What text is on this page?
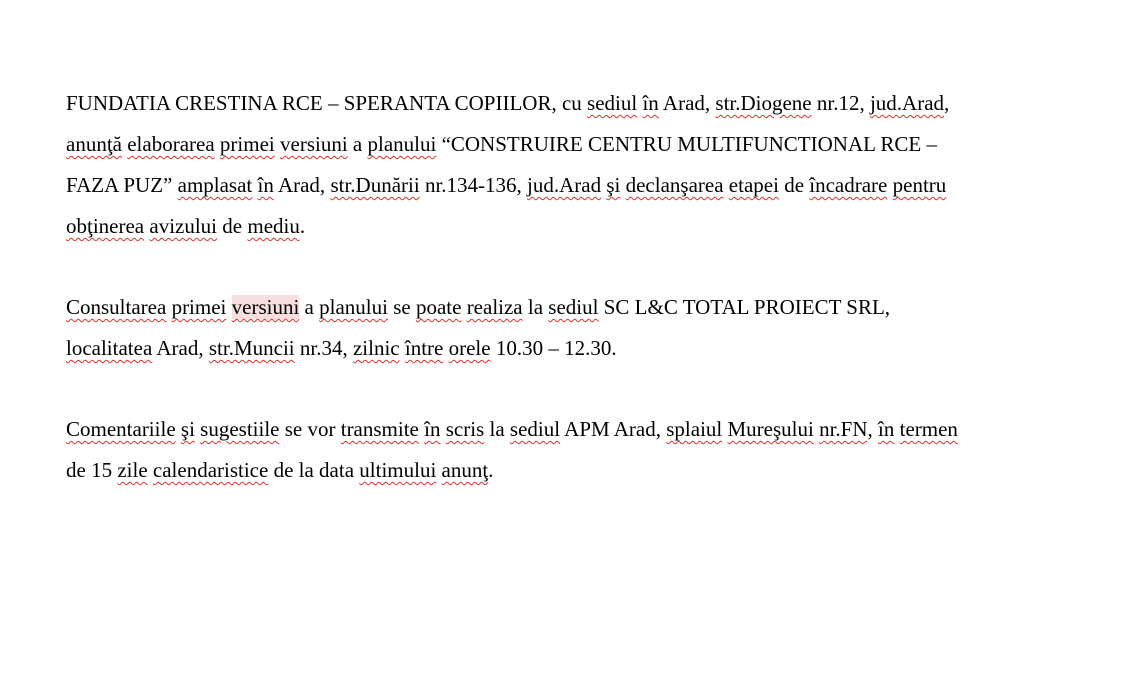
FUNDATIA CRESTINA RCE – SPERANTA COPIILOR, cu sediul în Arad, str.Diogene nr.12, jud.Arad,
anunţă elaborarea primei versiuni a planului “CONSTRUIRE CENTRU MULTIFUNCTIONAL RCE –
FAZA PUZ” amplasat în Arad, str.Dunării nr.134-136, jud.Arad şi declanşarea etapei de încadrare pentru
obţinerea avizului de mediu.

Consultarea primei versiuni a planului se poate realiza la sediul SC L&C TOTAL PROIECT SRL,
localitatea Arad, str.Muncii nr.34, zilnic între orele 10.30 – 12.30.

Comentariile şi sugestiile se vor transmite în scris la sediul APM Arad, splaiul Mureşului nr.FN, în termen
de 15 zile calendaristice de la data ultimului anunţ.
